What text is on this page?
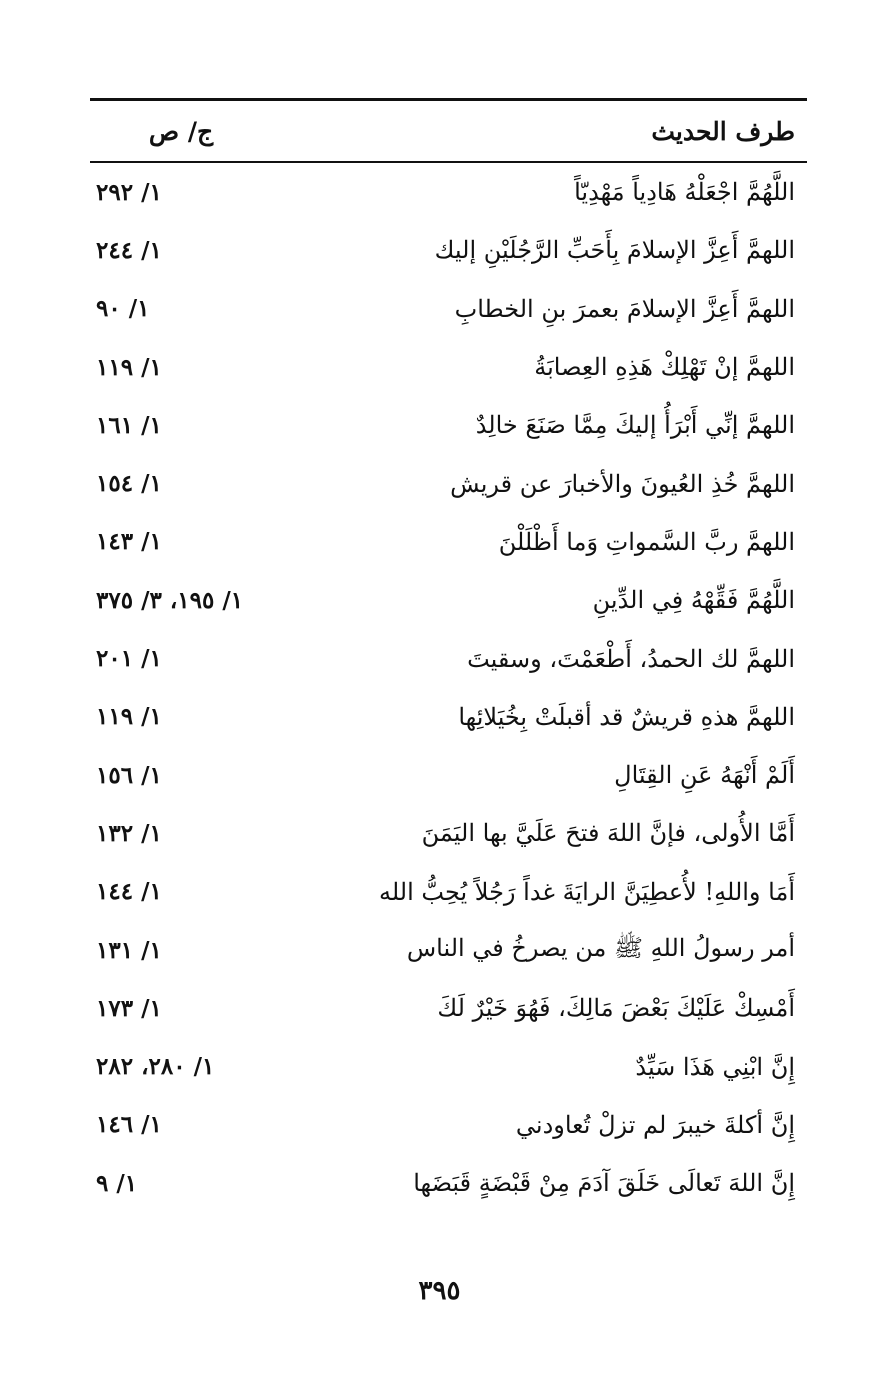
طرف الحديث
ج/ ص
اللَّهُمَّ اجْعَلْهُ هَادِياً مَهْدِيّاً
١/ ٢٩٢
اللهمَّ أَعِزَّ الإسلامَ بِأَحَبِّ الرَّجُلَيْنِ إليك
١/ ٢٤٤
اللهمَّ أَعِزَّ الإسلامَ بعمرَ بنِ الخطابِ
١/ ٩٠
اللهمَّ إنْ تَهْلِكْ هَذِهِ العِصابَةُ
١/ ١١٩
اللهمَّ إنِّي أَبْرَأُ إليكَ مِمَّا صَنَعَ خالِدٌ
١/ ١٦١
اللهمَّ خُذِ العُيونَ والأخبارَ عن قريش
١/ ١٥٤
اللهمَّ ربَّ السَّمواتِ وَما أَظْلَلْنَ
١/ ١٤٣
اللَّهُمَّ فَقِّهْهُ فِي الدِّينِ
١/ ١٩٥، ٣/ ٣٧٥
اللهمَّ لك الحمدُ، أَطْعَمْتَ، وسقيتَ
١/ ٢٠١
اللهمَّ هذهِ قريشٌ قد أقبلَتْ بِخُيَلائِها
١/ ١١٩
أَلَمْ أَنْهَهُ عَنِ القِتَالِ
١/ ١٥٦
أَمَّا الأُولى، فإنَّ اللهَ فتحَ عَلَيَّ بها اليَمَنَ
١/ ١٣٢
أَمَا واللهِ! لأُعطِيَنَّ الرايَةَ غداً رَجُلاً يُحِبُّ الله
١/ ١٤٤
أمر رسولُ اللهِ ﷺ من يصرخُ في الناس
١/ ١٣١
أَمْسِكْ عَلَيْكَ بَعْضَ مَالِكَ، فَهُوَ خَيْرٌ لَكَ
١/ ١٧٣
إِنَّ ابْنِي هَذَا سَيِّدٌ
١/ ٢٨٠، ٢٨٢
إِنَّ أكلةَ خيبرَ لم تزلْ تُعاودني
١/ ١٤٦
إِنَّ اللهَ تَعالَى خَلَقَ آدَمَ مِنْ قَبْضَةٍ قَبَضَها
١/ ٩
٣٩٥
